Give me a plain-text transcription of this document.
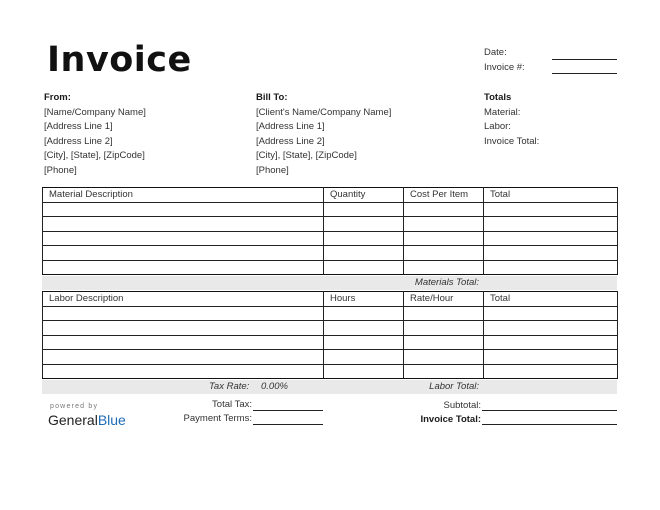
Invoice	Date:
Invoice #:
From:
[Name/Company Name]
[Address Line 1]
[Address Line 2]
[City], [State], [ZipCode]
[Phone]
Bill To:
[Client's Name/Company Name]
[Address Line 1]
[Address Line 2]
[City], [State], [ZipCode]
[Phone]
Totals
Material:
Labor:
Invoice Total:
Material Description	Quantity	Cost Per Item	Total

Materials Total:
Labor Description	Hours	Rate/Hour	Total

Tax Rate: 0.00%	Labor Total:
Total Tax:
Payment Terms:
Subtotal:
Invoice Total:
powered by
GeneralBlue
